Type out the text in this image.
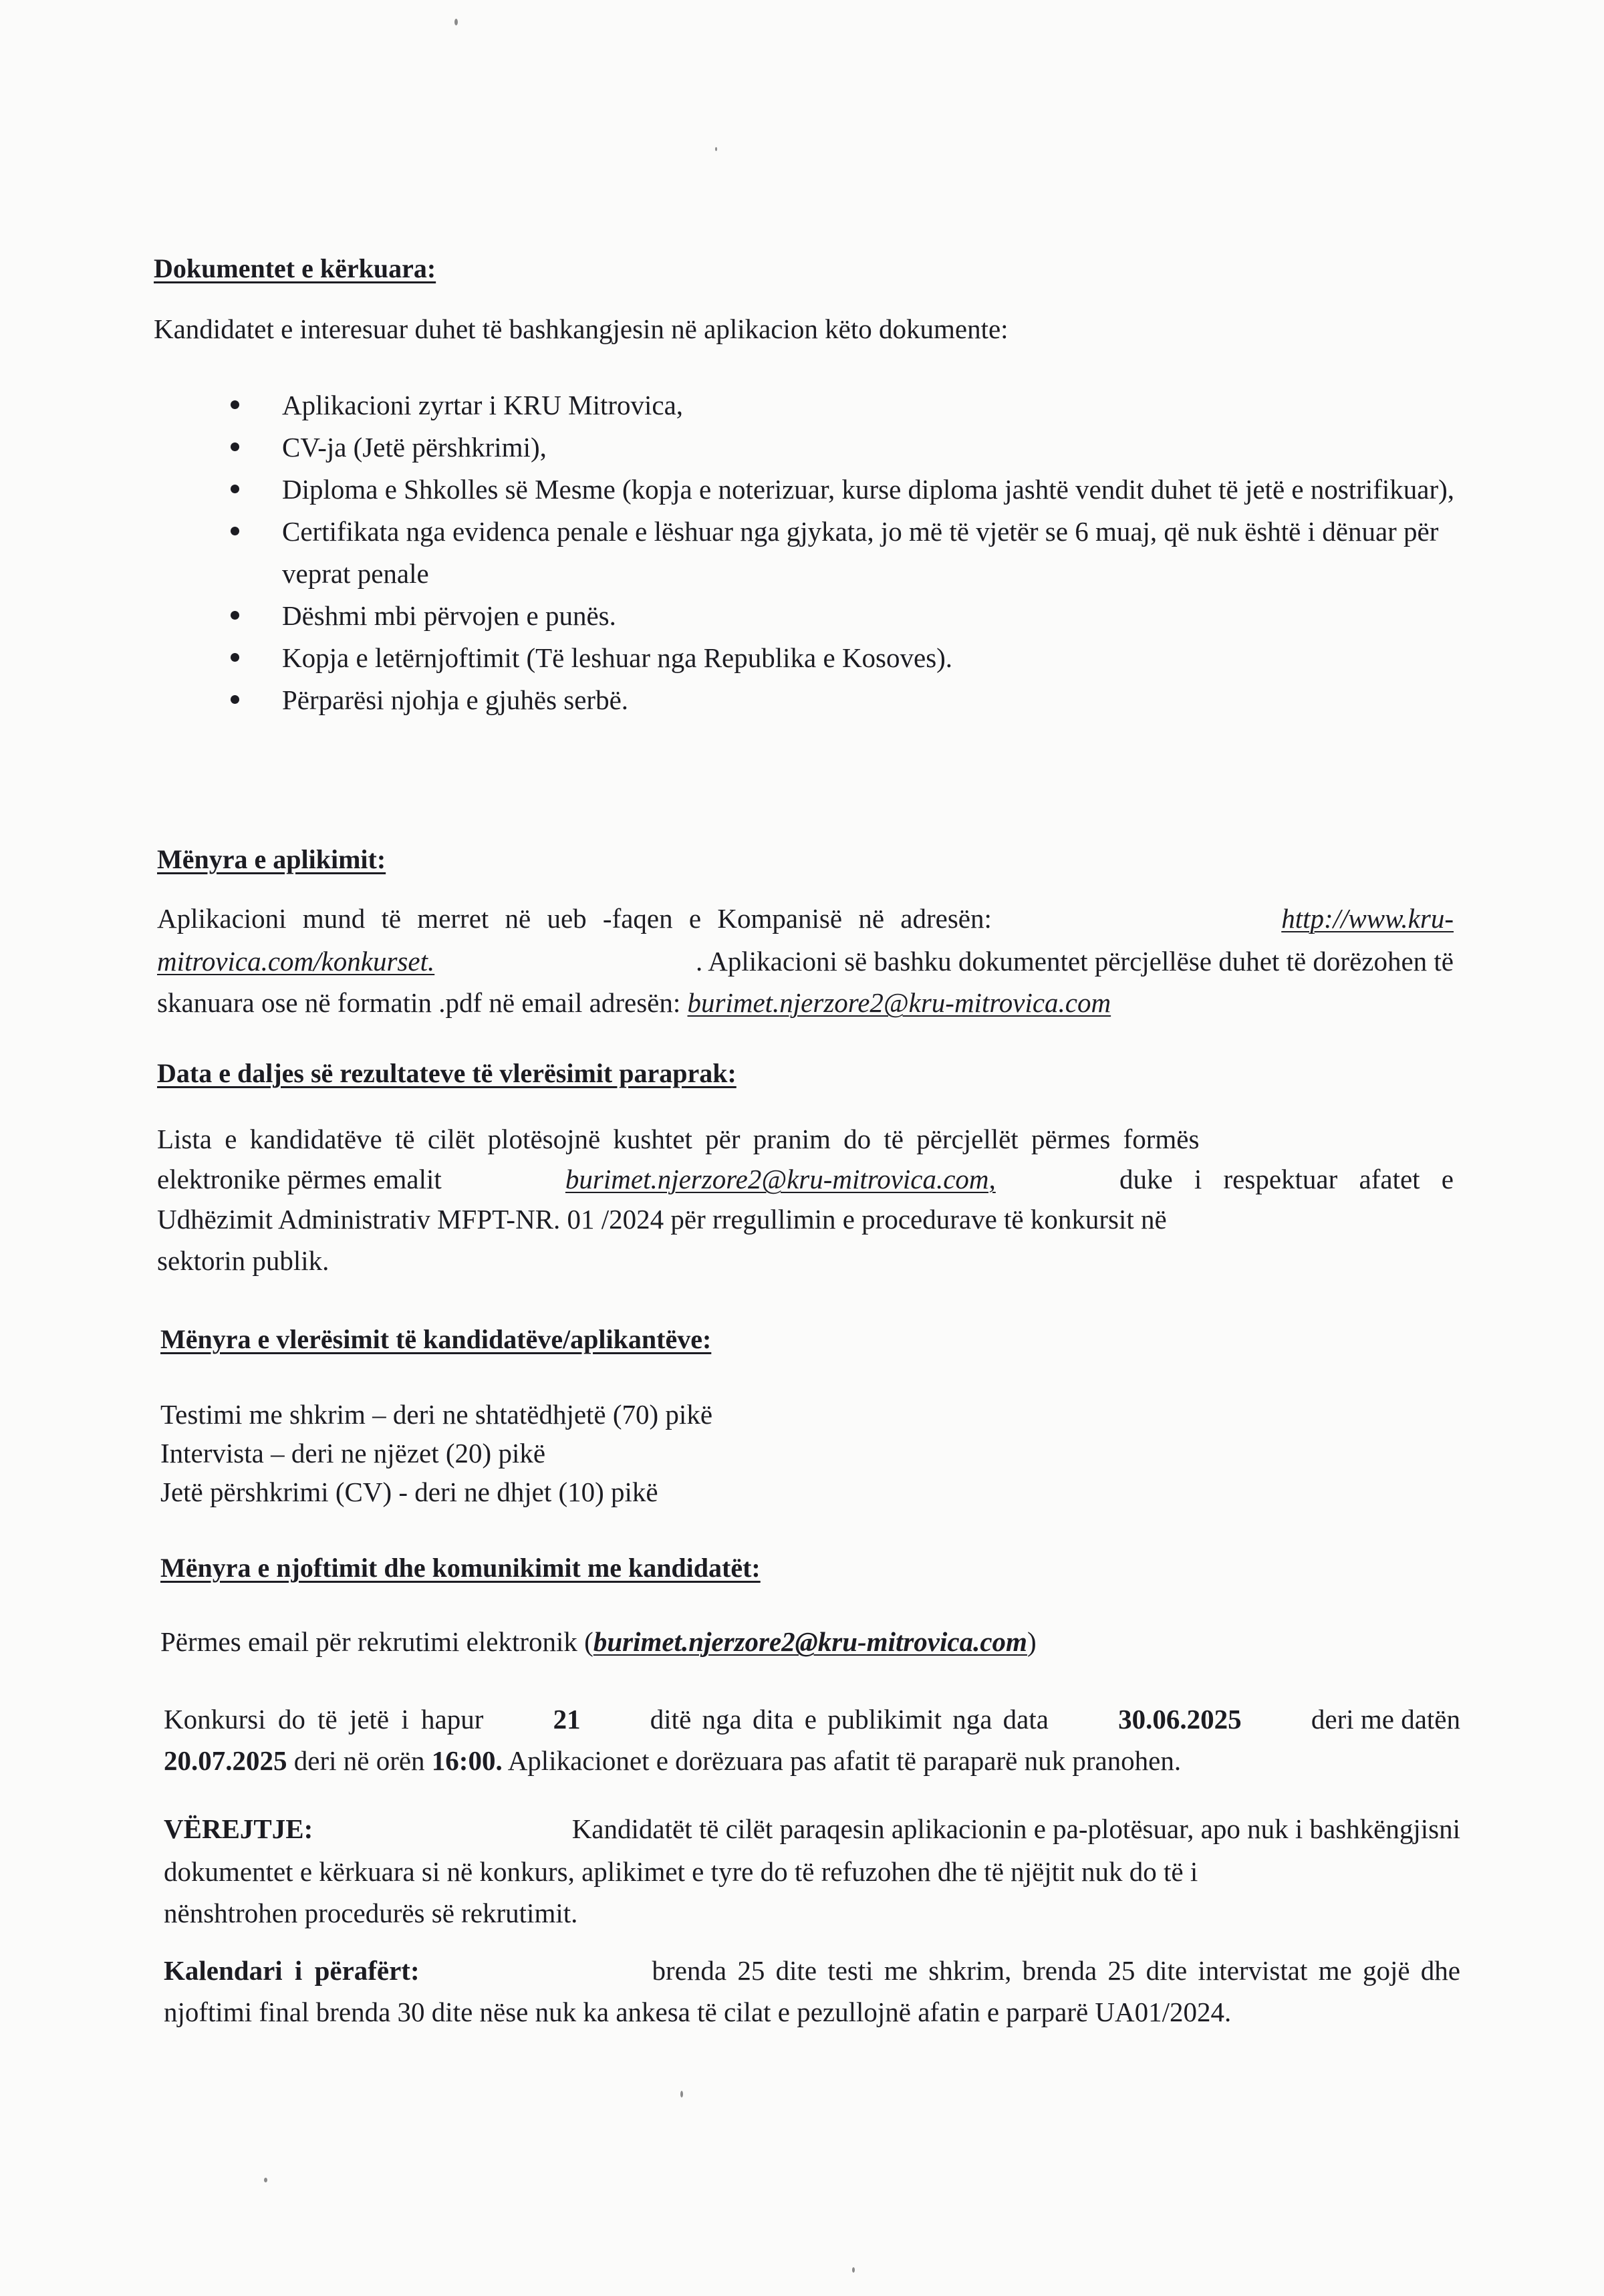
Dokumentet e kërkuara:
Kandidatet e interesuar duhet të bashkangjesin në aplikacion këto dokumente:
Aplikacioni zyrtar i KRU Mitrovica,
CV-ja (Jetë përshkrimi),
Diploma e Shkolles së Mesme (kopja e noterizuar, kurse diploma jashtë vendit duhet të jetë e nostrifikuar),
Certifikata nga evidenca penale e lëshuar nga gjykata, jo më të vjetër se 6 muaj, që nuk është i dënuar për veprat penale
Dëshmi mbi përvojen e punës.
Kopja e letërnjoftimit (Të leshuar nga Republika e Kosoves).
Përparësi njohja e gjuhës serbë.
Mënyra e aplikimit:
Aplikacioni mund të merret në ueb -faqen e Kompanisë në adresën:	http://www.kru-
mitrovica.com/konkurset.	. Aplikacioni së bashku dokumentet përcjellëse duhet të dorëzohen të
skanuara ose në formatin .pdf në email adresën: burimet.njerzore2@kru-mitrovica.com
Data e daljes së rezultateve të vlerësimit paraprak:
Lista e kandidatëve të cilët plotësojnë kushtet për pranim do të përcjellët përmes formës
elektronike përmes emalit	burimet.njerzore2@kru-mitrovica.com,	duke i respektuar afatet e
Udhëzimit Administrativ MFPT-NR. 01 /2024 për rregullimin e procedurave të konkursit në
sektorin publik.
Mënyra e vlerësimit të kandidatëve/aplikantëve:
Testimi me shkrim – deri ne shtatëdhjetë (70) pikë
Intervista – deri ne njëzet (20) pikë
Jetë përshkrimi (CV) - deri ne dhjet (10) pikë
Mënyra e njoftimit dhe komunikimit me kandidatët:
Përmes email për rekrutimi elektronik (burimet.njerzore2@kru-mitrovica.com)
Konkursi do të jetë i hapur	21	ditë nga dita e publikimit nga data	30.06.2025	deri me datën
20.07.2025 deri në orën 16:00. Aplikacionet e dorëzuara pas afatit të paraparë nuk pranohen.
VËREJTJE:	Kandidatët të cilët paraqesin aplikacionin e pa-plotësuar, apo nuk i bashkëngjisni
dokumentet e kërkuara si në konkurs, aplikimet e tyre do të refuzohen dhe të njëjtit nuk do të i
nënshtrohen procedurës së rekrutimit.
Kalendari i përafërt:	brenda 25 dite testi me shkrim, brenda 25 dite intervistat me gojë dhe
njoftimi final brenda 30 dite nëse nuk ka ankesa të cilat e pezullojnë afatin e parparë UA01/2024.
